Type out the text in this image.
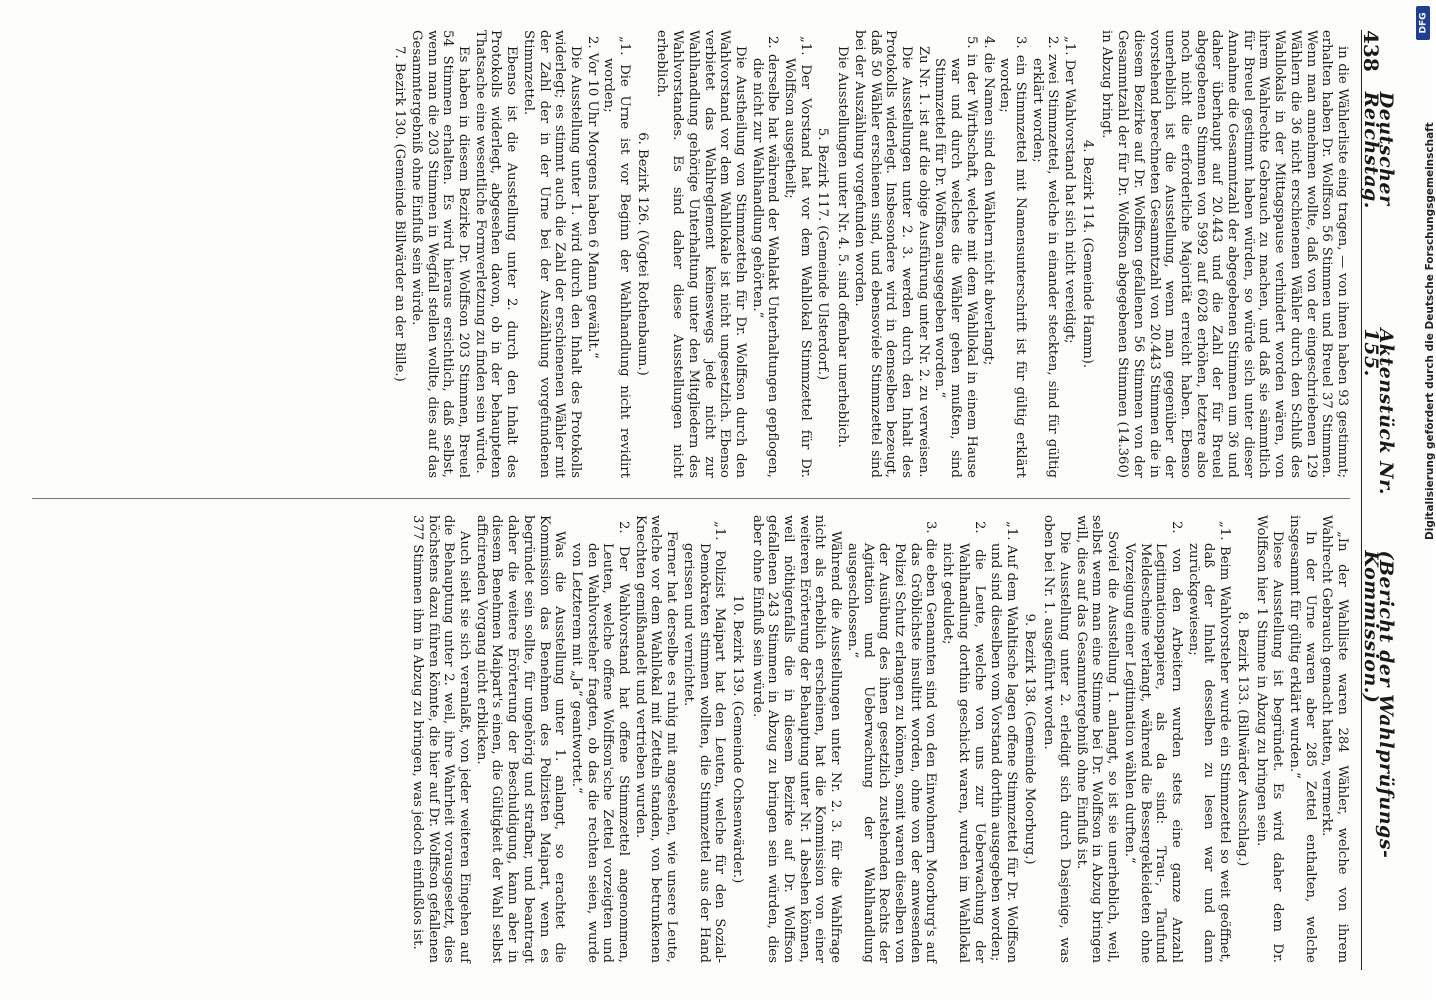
438
Deutscher Reichstag.
Aktenstück Nr. 155.
(Bericht der Wahlprüfungs-Kommission.)

in die Wählerliste eing tragen, — von ihnen haben 93 gestimmt; erhalten haben Dr. Wolffson 56 Stimmen und Breuel 37 Stimmen. Wenn man annehmen wollte, daß von der eingeschriebenen 129 Wählern die 36 nicht erschienenen Wähler durch den Schluß des Wahllokals in der Mittagspause verhindert worden wären, von ihrem Wahlrechte Gebrauch zu machen, und daß sie sämmtlich für Breuel gestimmt haben würden, so würde sich unter dieser Annahme die Gesammtzahl der abgegebenen Stimmen um 36 und daher überhaupt auf 20.443 und die Zahl der für Breuel abgegebenen Stimmen von 5992 auf 6028 erhöhen, letztere also noch nicht die erforderliche Majorität erreicht haben. Ebenso unerheblich ist die Ausstellung, wenn man gegenüber der vorstehend berechneten Gesammtzahl von 20.443 Stimmen die in diesem Bezirke auf Dr. Wolffson gefallenen 56 Stimmen von der Gesammtzahl der für Dr. Wolffson abgegebenen Stimmen (14.360) in Abzug bringt.

4. Bezirk 114. (Gemeinde Hamm).

„1. Der Wahlvorstand hat sich nicht vereidigt;

2. zwei Stimmzettel, welche in einander steckten, sind für gültig erklärt worden;

3. ein Stimmzettel mit Namensunterschrift ist für gültig erklärt worden;

4. die Namen sind den Wählern nicht abverlangt;

5. in der Wirthschaft, welche mit dem Wahllokal in einem Hause war und durch welches die Wähler gehen mußten, sind Stimmzettel für Dr. Wolffson ausgegeben worden.“

Zu Nr. 1. ist auf die obige Ausführung unter Nr. 2. zu verweisen.

Die Ausstellungen unter 2. 3. werden durch den Inhalt des Protokolls widerlegt. Insbesondere wird in demselben bezeugt, daß 50 Wähler erschienen sind, und ebensoviele Stimmzettel sind bei der Auszählung vorgefunden worden.

Die Ausstellungen unter Nr. 4. 5. sind offenbar unerheblich.

5. Bezirk 117. (Gemeinde Ulsterdorf.)

„1. Der Vorstand hat vor dem Wahllokal Stimmzettel für Dr. Wolffson ausgetheilt;

2. derselbe hat während der Wahlakt Unterhaltungen gepflogen, die nicht zur Wahlhandlung gehörten.“

Die Austheilung von Stimmzetteln für Dr. Wolffson durch den Wahlvorstand vor dem Wahllokale ist nicht ungesetzlich. Ebenso verbietet das Wahlreglement keineswegs jede nicht zur Wahlhandlung gehörige Unterhaltung unter den Mitgliedern des Wahlvorstandes. Es sind daher diese Ausstellungen nicht erheblich.

6. Bezirk 126. (Vogtei Rothenbaum.)

„1. Die Urne ist vor Beginn der Wahlhandlung nicht revidirt worden;

2. Vor 10 Uhr Morgens haben 6 Mann gewählt.“

Die Ausstellung unter 1. wird durch den Inhalt des Protokolls widerlegt; es stimmt auch die Zahl der erschienenen Wähler mit der Zahl der in der Urne bei der Auszählung vorgefundenen Stimmzettel.

Ebenso ist die Ausstellung unter 2. durch den Inhalt des Protokolls widerlegt, abgesehen davon, ob in der behaupteten Thatsache eine wesentliche Formverletzung zu finden sein würde.

Es haben in diesem Bezirke Dr. Wolffson 203 Stimmen, Breuel 54 Stimmen erhalten. Es wird hieraus ersichtlich, daß selbst, wenn man die 203 Stimmen in Wegfall stellen wollte, dies auf das Gesammtergebniß ohne Einfluß sein würde.

7. Bezirk 130. (Gemeinde Billwärder an der Bille.)

„In der Wahlliste waren 284 Wähler, welche von ihrem Wahlrecht Gebrauch gemacht hatten, vermerkt.

In der Urne waren aber 285 Zettel enthalten, welche insgesammt für gültig erklärt wurden.“

Diese Ausstellung ist begründet. Es wird daher dem Dr. Wolffson hier 1 Stimme in Abzug zu bringen sein.

8. Bezirk 133. (Billwärder Ausschlag.)

„1. Beim Wahlvorsteher wurde ein Stimmzettel so weit geöffnet, daß der Inhalt desselben zu lesen war und dann zurückgewiesen;

2. von den Arbeitern wurden stets eine ganze Anzahl Legitimationspapiere, als da sind: Trau-, Taufund Meldescheine verlangt, während die Bessergekleideten ohne Vorzeigung einer Legitimation wählen durften.“

Soviel die Ausstellung 1. anlangt, so ist sie unerheblich, weil, selbst wenn man eine Stimme bei Dr. Wolffson in Abzug bringen will, dies auf das Gesammtergebniß ohne Einfluß ist.

Die Ausstellung unter 2. erledigt sich durch Dasjenige, was oben bei Nr. 1. ausgeführt worden.

9. Bezirk 138. (Gemeinde Moorburg.)

„1. Auf dem Wahltische lagen offene Stimmzettel für Dr. Wolffson und sind dieselben vom Vorstand dorthin ausgegeben worden;

2. die Leute, welche von uns zur Ueberwachung der Wahlhandlung dorthin geschickt waren, wurden im Wahllokal nicht geduldet;

3. die eben Genannten sind von den Einwohnern Moorburg's auf das Gröblichste insultirt worden, ohne von der anwesenden Polizei Schutz erlangen zu können, somit waren dieselben von der Ausübung des ihnen gesetzlich zustehenden Rechts der Agitation und Ueberwachung der Wahlhandlung ausgeschlossen.“

Während die Ausstellungen unter Nr. 2. 3. für die Wahlfrage nicht als erheblich erscheinen, hat die Kommission von einer weiteren Erörterung der Behauptung unter Nr. 1 absehen können, weil nöthigenfalls die in diesem Bezirke auf Dr. Wolffson gefallenen 243 Stimmen in Abzug zu bringen sein würden, dies aber ohne Einfluß sein würde.

10. Bezirk 139. (Gemeinde Ochsenwärder.)

„1. Polizist Maipart hat den Leuten, welche für den Sozial-Demokraten stimmen wollten, die Stimmzettel aus der Hand gerissen und vernichtet.

Ferner hat derselbe es ruhig mit angesehen, wie unsere Leute, welche vor dem Wahllokal mit Zetteln standen, von betrunkenen Knechten gemißhandelt und vertrieben wurden.

2. Der Wahlvorstand hat offene Stimmzettel angenommen, Leuten, welche offene Wolffson'sche Zettel vorzeigten und den Wahlvorsteher fragten, ob das die rechten seien, wurde von Letzterem mit „Ja“ geantwortet.“

Was die Ausstellung unter 1. anlangt, so erachtet die Kommission das Benehmen des Polizisten Maipart, wenn es begründet sein sollte, für ungehörig und strafbar, und beantragt daher die weitere Erörterung der Beschuldigung, kann aber in diesem Benehmen Maipart's einen, die Gültigkeit der Wahl selbst afficirenden Vorgang nicht erblicken.

Auch sieht sie sich veranlaßt, von jeder weiteren Eingehen auf die Behauptung unter 2. weil, ihre Wahrheit vorausgesetzt, dies höchstens dazu führen könnte, die hier auf Dr. Wolffson gefallenen 377 Stimmen ihm in Abzug zu bringen, was jedoch einflußlos ist.

DFG
Digitalisierung gefördert durch die Deutsche Forschungsgemeinschaft
